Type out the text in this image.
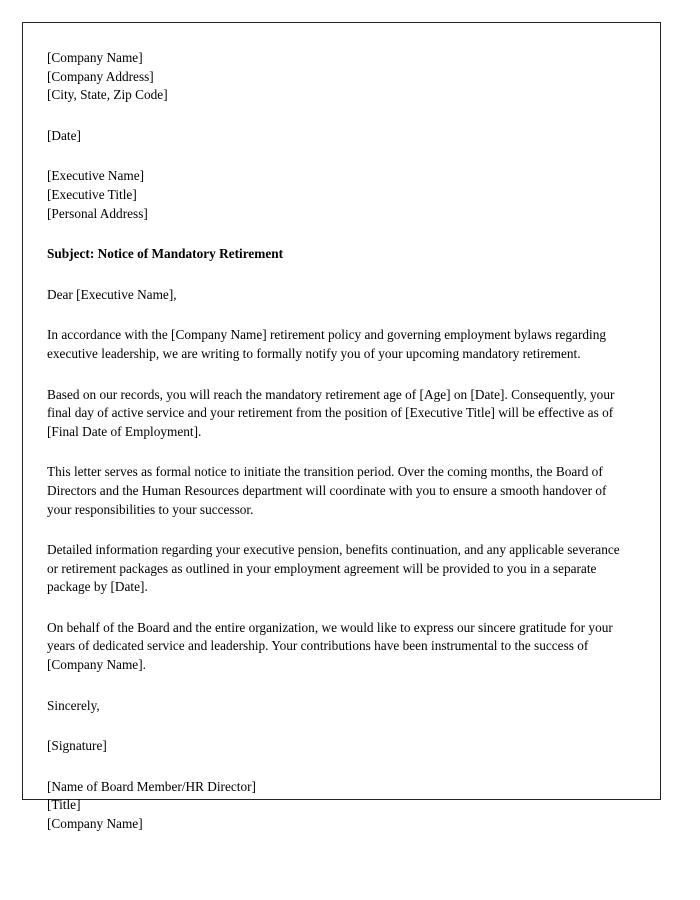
[Company Name]
[Company Address]
[City, State, Zip Code]
[Date]
[Executive Name]
[Executive Title]
[Personal Address]
Subject: Notice of Mandatory Retirement
Dear [Executive Name],

In accordance with the [Company Name] retirement policy and governing employment bylaws regarding executive leadership, we are writing to formally notify you of your upcoming mandatory retirement.

Based on our records, you will reach the mandatory retirement age of [Age] on [Date]. Consequently, your final day of active service and your retirement from the position of [Executive Title] will be effective as of [Final Date of Employment].

This letter serves as formal notice to initiate the transition period. Over the coming months, the Board of Directors and the Human Resources department will coordinate with you to ensure a smooth handover of your responsibilities to your successor.

Detailed information regarding your executive pension, benefits continuation, and any applicable severance or retirement packages as outlined in your employment agreement will be provided to you in a separate package by [Date].

On behalf of the Board and the entire organization, we would like to express our sincere gratitude for your years of dedicated service and leadership. Your contributions have been instrumental to the success of [Company Name].

Sincerely,
[Signature]
[Name of Board Member/HR Director]
[Title]
[Company Name]
